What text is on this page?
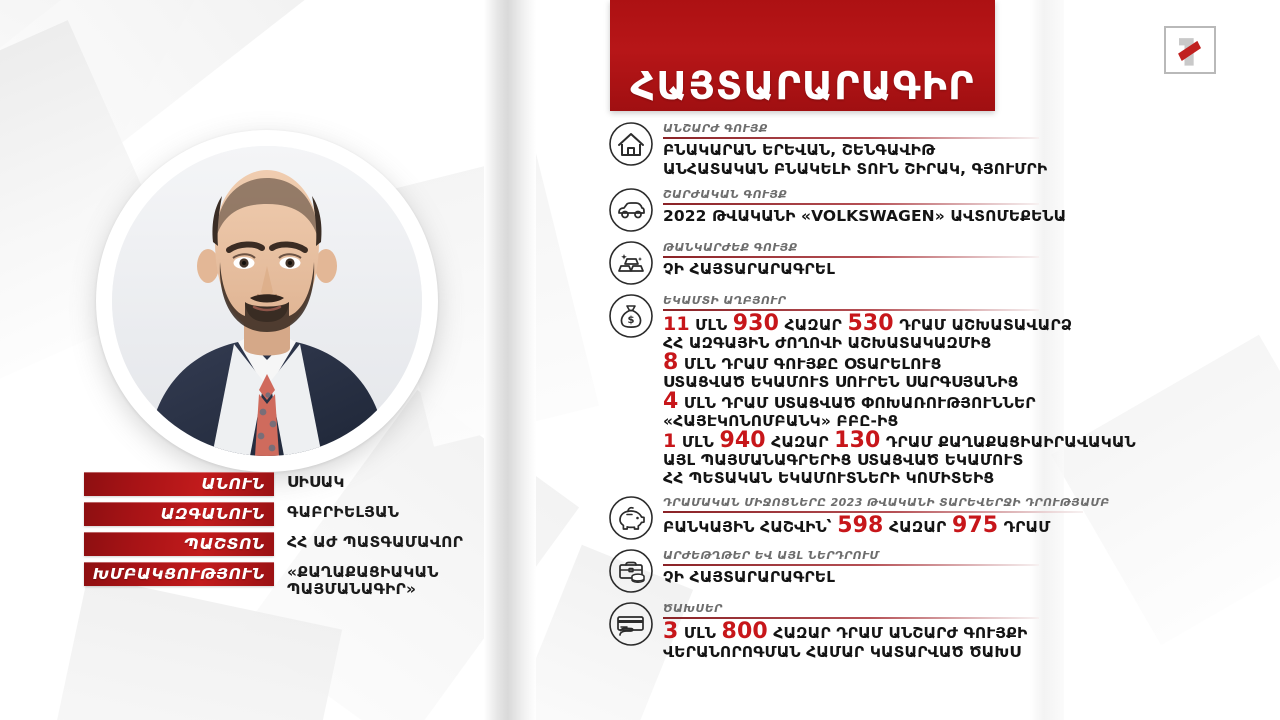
ԱՆՈՒՆ	ՍԻՍԱԿ
ԱԶԳԱՆՈՒՆ	ԳԱԲՐԻԵԼՅԱՆ
ՊԱՇՏՈՆ	ՀՀ ԱԺ ՊԱՏԳԱՄԱՎՈՐ
ԽՄԲԱԿՑՈՒԹՅՈՒՆ	«ՔԱՂԱՔԱՑԻԱԿԱՆ
ՊԱՅՄԱՆԱԳԻՐ»
ՀԱՅՏԱՐԱՐԱԳԻՐ
ԱՆՇԱՐԺ ԳՈՒՅՔ
ԲՆԱԿԱՐԱՆ ԵՐԵՎԱՆ, ՇԵՆԳԱՎԻԹ
ԱՆՀԱՏԱԿԱՆ ԲՆԱԿԵԼԻ ՏՈՒՆ ՇԻՐԱԿ, ԳՅՈՒՄՐԻ
ՇԱՐԺԱԿԱՆ ԳՈՒՅՔ
2022 ԹՎԱԿԱՆԻ «VOLKSWAGEN» ԱՎՏՈՄԵՔԵՆԱ
ԹԱՆԿԱՐԺԵՔ ԳՈՒՅՔ
ՉԻ ՀԱՅՏԱՐԱՐԱԳՐԵԼ
$
ԵԿԱՄՏԻ ԱՂԲՅՈՒՐ
11 ՄԼՆ 930 ՀԱԶԱՐ 530 ԴՐԱՄ ԱՇԽԱՏԱՎԱՐՁ
ՀՀ ԱԶԳԱՅԻՆ ԺՈՂՈՎԻ ԱՇԽԱՏԱԿԱԶՄԻՑ
8 ՄԼՆ ԴՐԱՄ ԳՈՒՅՔԸ ՕՏԱՐԵԼՈՒՑ
ՍՏԱՑՎԱԾ ԵԿԱՄՈՒՏ ՍՈՒՐԵՆ ՍԱՐԳՍՅԱՆԻՑ
4 ՄԼՆ ԴՐԱՄ ՍՏԱՑՎԱԾ ՓՈԽԱՌՈՒԹՅՈՒՆՆԵՐ
«ՀԱՅԷԿՈՆՈՄԲԱՆԿ» ԲԲԸ-ԻՑ
1 ՄԼՆ 940 ՀԱԶԱՐ 130 ԴՐԱՄ ՔԱՂԱՔԱՑԻԱԻՐԱՎԱԿԱՆ
ԱՅԼ ՊԱՅՄԱՆԱԳՐԵՐԻՑ ՍՏԱՑՎԱԾ ԵԿԱՄՈՒՏ
ՀՀ ՊԵՏԱԿԱՆ ԵԿԱՄՈՒՏՆԵՐԻ ԿՈՄԻՏԵԻՑ
ԴՐԱՄԱԿԱՆ ՄԻՋՈՑՆԵՐԸ 2023 ԹՎԱԿԱՆԻ ՏԱՐԵՎԵՐՋԻ ԴՐՈՒԹՅԱՄԲ
ԲԱՆԿԱՅԻՆ ՀԱՇՎԻՆ՝ 598 ՀԱԶԱՐ 975 ԴՐԱՄ
ԱՐԺԵԹՂԹԵՐ ԵՎ ԱՅԼ ՆԵՐԴՐՈՒՄ
ՉԻ ՀԱՅՏԱՐԱՐԱԳՐԵԼ
ԾԱԽՍԵՐ
3 ՄԼՆ 800 ՀԱԶԱՐ ԴՐԱՄ ԱՆՇԱՐԺ ԳՈՒՅՔԻ
ՎԵՐԱՆՈՐՈԳՄԱՆ ՀԱՄԱՐ ԿԱՏԱՐՎԱԾ ԾԱԽՍ
